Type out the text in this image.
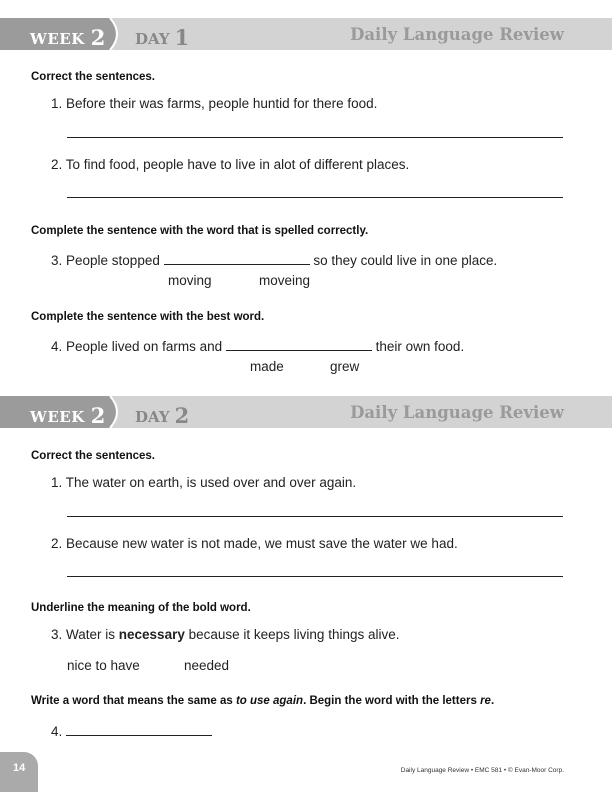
WEEK 2 DAY 1	Daily Language Review
Correct the sentences.
1. Before their was farms, people huntid for there food.
2. To find food, people have to live in alot of different places.
Complete the sentence with the word that is spelled correctly.
3. People stopped	so they could live in one place.
moving	moveing
Complete the sentence with the best word.
4. People lived on farms and	their own food.
made	grew
WEEK 2 DAY 2	Daily Language Review
Correct the sentences.
1. The water on earth, is used over and over again.
2. Because new water is not made, we must save the water we had.
Underline the meaning of the bold word.
3. Water is necessary because it keeps living things alive.
nice to have	needed
Write a word that means the same as to use again. Begin the word with the letters re.
4.
14	Daily Language Review • EMC 581 • © Evan-Moor Corp.
